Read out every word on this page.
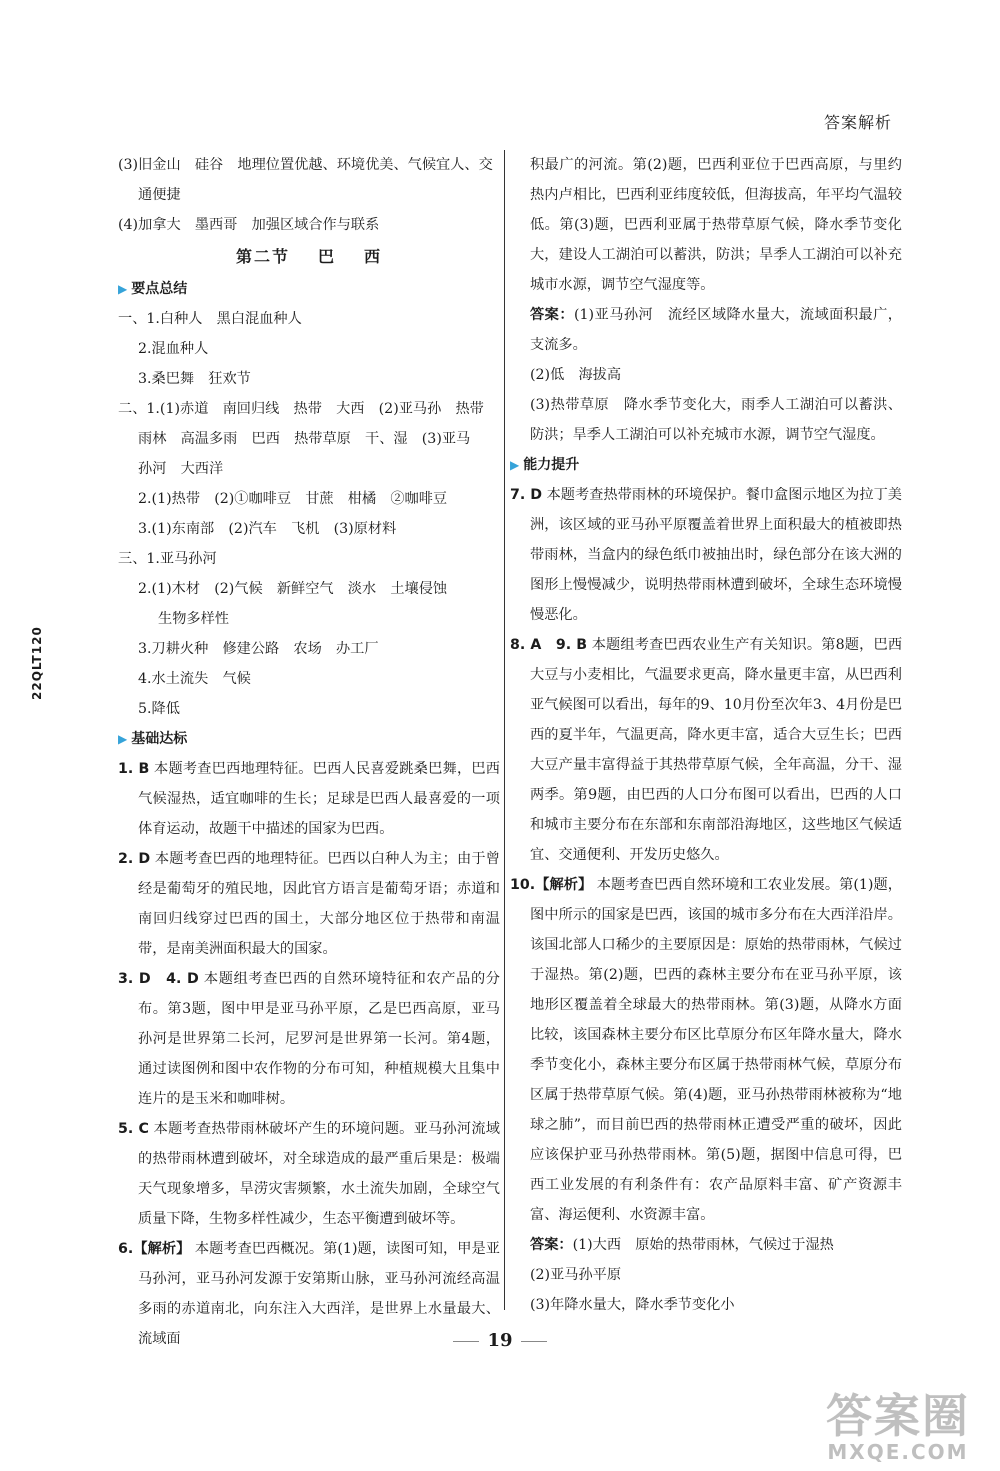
答案解析
22QLT120
(3)旧金山　硅谷　地理位置优越、环境优美、气候宜人、交
通便捷
(4)加拿大　墨西哥　加强区域合作与联系
第二节 巴 西
▶ 要点总结
一、1.白种人　黑白混血种人
2.混血种人
3.桑巴舞　狂欢节
二、1.(1)赤道　南回归线　热带　大西　(2)亚马孙　热带
雨林　高温多雨　巴西　热带草原　干、湿　(3)亚马
孙河　大西洋
2.(1)热带　(2)①咖啡豆　甘蔗　柑橘　②咖啡豆
3.(1)东南部　(2)汽车　飞机　(3)原材料
三、1.亚马孙河
2.(1)木材　(2)气候　新鲜空气　淡水　土壤侵蚀
生物多样性
3.刀耕火种　修建公路　农场　办工厂
4.水土流失　气候
5.降低
▶ 基础达标
1. B 本题考查巴西地理特征。巴西人民喜爱跳桑巴舞，巴西气候湿热，适宜咖啡的生长；足球是巴西人最喜爱的一项体育运动，故题干中描述的国家为巴西。
2. D 本题考查巴西的地理特征。巴西以白种人为主；由于曾经是葡萄牙的殖民地，因此官方语言是葡萄牙语；赤道和南回归线穿过巴西的国土，大部分地区位于热带和南温带，是南美洲面积最大的国家。
3. D　4. D 本题组考查巴西的自然环境特征和农产品的分布。第3题，图中甲是亚马孙平原，乙是巴西高原，亚马孙河是世界第二长河，尼罗河是世界第一长河。第4题，通过读图例和图中农作物的分布可知，种植规模大且集中连片的是玉米和咖啡树。
5. C 本题考查热带雨林破坏产生的环境问题。亚马孙河流域的热带雨林遭到破坏，对全球造成的最严重后果是：极端天气现象增多，旱涝灾害频繁，水土流失加剧，全球空气质量下降，生物多样性减少，生态平衡遭到破坏等。
6.【解析】 本题考查巴西概况。第(1)题，读图可知，甲是亚马孙河，亚马孙河发源于安第斯山脉，亚马孙河流经高温多雨的赤道南北，向东注入大西洋，是世界上水量最大、流域面
积最广的河流。第(2)题，巴西利亚位于巴西高原，与里约热内卢相比，巴西利亚纬度较低，但海拔高，年平均气温较低。第(3)题，巴西利亚属于热带草原气候，降水季节变化大，建设人工湖泊可以蓄洪，防洪；旱季人工湖泊可以补充城市水源，调节空气湿度等。
答案：(1)亚马孙河　流经区域降水量大，流域面积最广，支流多。
(2)低　海拔高
(3)热带草原　降水季节变化大，雨季人工湖泊可以蓄洪、防洪；旱季人工湖泊可以补充城市水源，调节空气湿度。
▶ 能力提升
7. D 本题考查热带雨林的环境保护。餐巾盒图示地区为拉丁美洲，该区域的亚马孙平原覆盖着世界上面积最大的植被即热带雨林，当盒内的绿色纸巾被抽出时，绿色部分在该大洲的图形上慢慢减少，说明热带雨林遭到破坏，全球生态环境慢慢恶化。
8. A　9. B 本题组考查巴西农业生产有关知识。第8题，巴西大豆与小麦相比，气温要求更高，降水量更丰富，从巴西利亚气候图可以看出，每年的9、10月份至次年3、4月份是巴西的夏半年，气温更高，降水更丰富，适合大豆生长；巴西大豆产量丰富得益于其热带草原气候，全年高温，分干、湿两季。第9题，由巴西的人口分布图可以看出，巴西的人口和城市主要分布在东部和东南部沿海地区，这些地区气候适宜、交通便利、开发历史悠久。
10.【解析】 本题考查巴西自然环境和工农业发展。第(1)题，图中所示的国家是巴西，该国的城市多分布在大西洋沿岸。该国北部人口稀少的主要原因是：原始的热带雨林，气候过于湿热。第(2)题，巴西的森林主要分布在亚马孙平原，该地形区覆盖着全球最大的热带雨林。第(3)题，从降水方面比较，该国森林主要分布区比草原分布区年降水量大，降水季节变化小，森林主要分布区属于热带雨林气候，草原分布区属于热带草原气候。第(4)题，亚马孙热带雨林被称为“地球之肺”，而目前巴西的热带雨林正遭受严重的破坏，因此应该保护亚马孙热带雨林。第(5)题，据图中信息可得，巴西工业发展的有利条件有：农产品原料丰富、矿产资源丰富、海运便利、水资源丰富。
答案：(1)大西　原始的热带雨林，气候过于湿热
(2)亚马孙平原
(3)年降水量大，降水季节变化小
19
答案圈
MXQE.COM
